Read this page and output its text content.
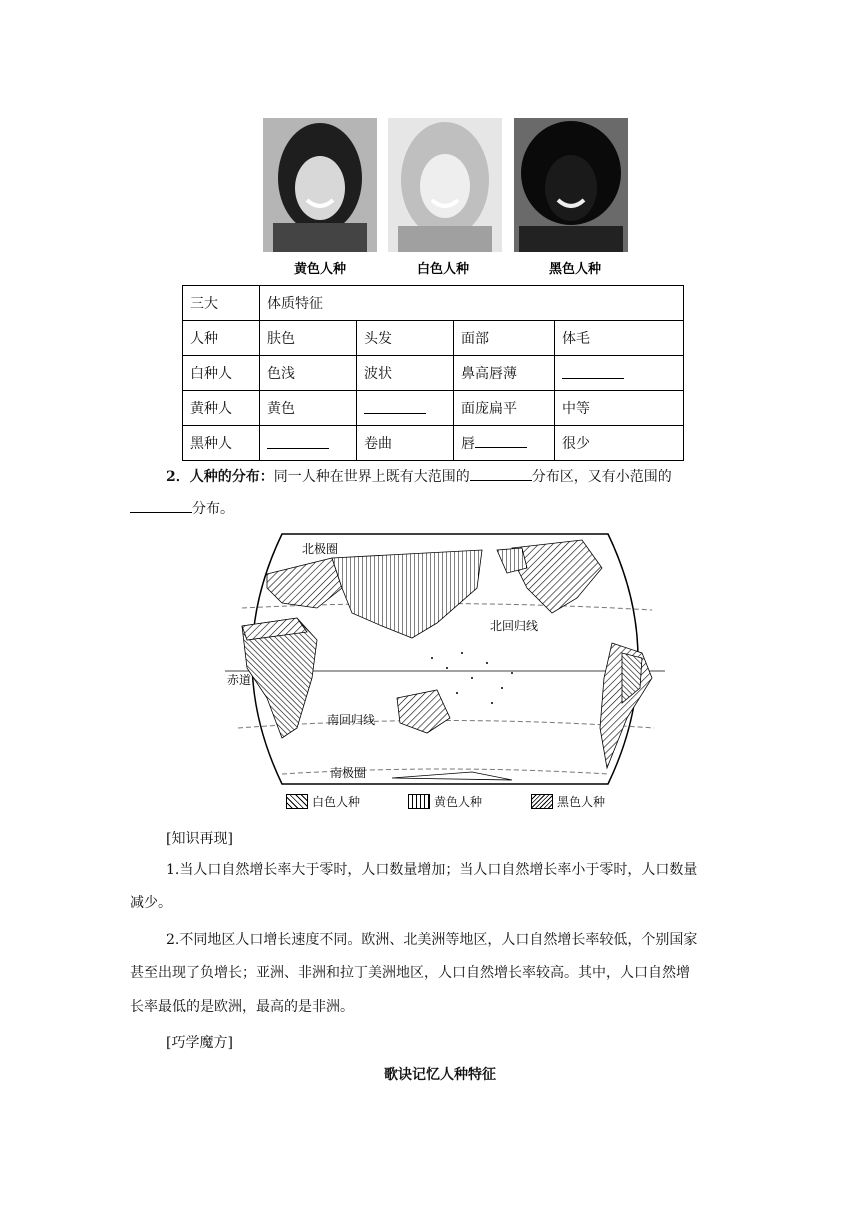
黄色人种	白色人种	黑色人种
三大	体质特征			
人种	肤色	头发	面部	体毛
白种人	色浅	波状	鼻高唇薄	
黄种人	黄色		面庞扁平	中等
黑种人		卷曲	唇	很少
2．人种的分布：同一人种在世界上既有大范围的	分布区，又有小范围的
分布。
北极圈
北回归线
赤道
南回归线
南极圈
白色人种	黄色人种	黑色人种
[知识再现]
1.当人口自然增长率大于零时，人口数量增加；当人口自然增长率小于零时，人口数量
减少。
2.不同地区人口增长速度不同。欧洲、北美洲等地区，人口自然增长率较低，个别国家
甚至出现了负增长；亚洲、非洲和拉丁美洲地区，人口自然增长率较高。其中，人口自然增
长率最低的是欧洲，最高的是非洲。
[巧学魔方]
歌诀记忆人种特征
